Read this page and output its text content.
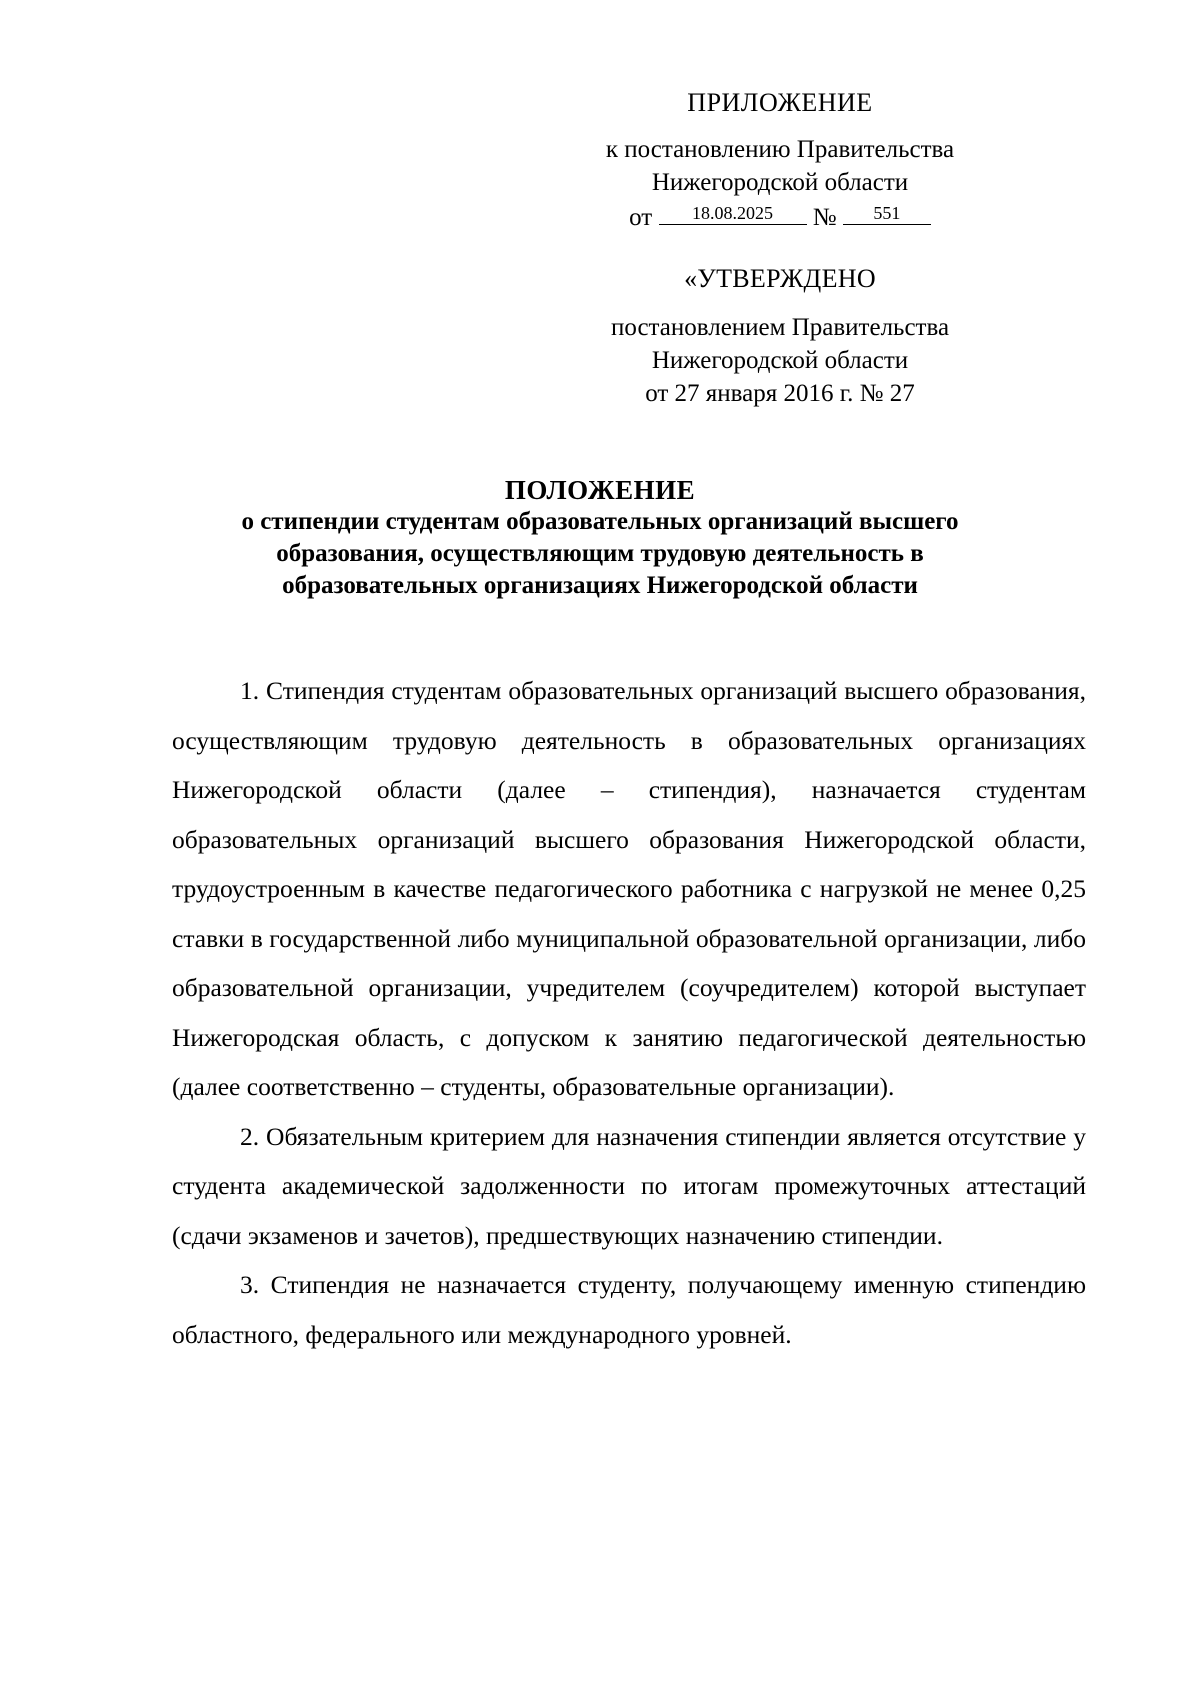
ПРИЛОЖЕНИЕ
к постановлению Правительства
Нижегородской области
от 18.08.2025 № 551
«УТВЕРЖДЕНО
постановлением Правительства
Нижегородской области
от 27 января 2016 г. № 27
ПОЛОЖЕНИЕ
о стипендии студентам образовательных организаций высшего
образования, осуществляющим трудовую деятельность в
образовательных организациях Нижегородской области

1. Стипендия студентам образовательных организаций высшего образования, осуществляющим трудовую деятельность в образовательных организациях Нижегородской области (далее – стипендия), назначается студентам образовательных организаций высшего образования Нижегородской области, трудоустроенным в качестве педагогического работника с нагрузкой не менее 0,25 ставки в государственной либо муниципальной образовательной организации, либо образовательной организации, учредителем (соучредителем) которой выступает Нижегородская область, с допуском к занятию педагогической деятельностью (далее соответственно – студенты, образовательные организации).

2. Обязательным критерием для назначения стипендии является отсутствие у студента академической задолженности по итогам промежуточных аттестаций (сдачи экзаменов и зачетов), предшествующих назначению стипендии.

3. Стипендия не назначается студенту, получающему именную стипендию областного, федерального или международного уровней.
